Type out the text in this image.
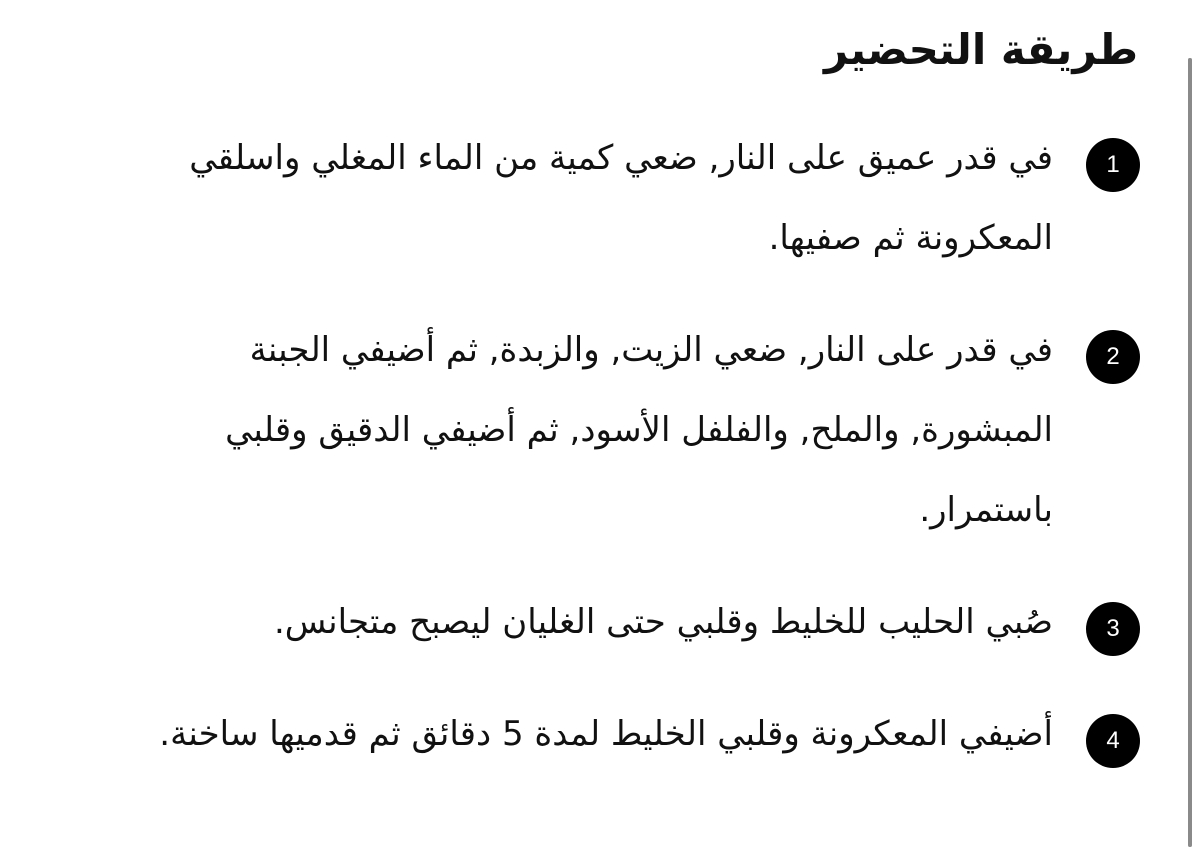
طريقة التحضير
1
في قدر عميق على النار, ضعي كمية من الماء المغلي واسلقي المعكرونة ثم صفيها.
2
في قدر على النار, ضعي الزيت, والزبدة, ثم أضيفي الجبنة المبشورة, والملح, والفلفل الأسود, ثم أضيفي الدقيق وقلبي باستمرار.
3
صُبي الحليب للخليط وقلبي حتى الغليان ليصبح متجانس.
4
أضيفي المعكرونة وقلبي الخليط لمدة 5 دقائق ثم قدميها ساخنة.
